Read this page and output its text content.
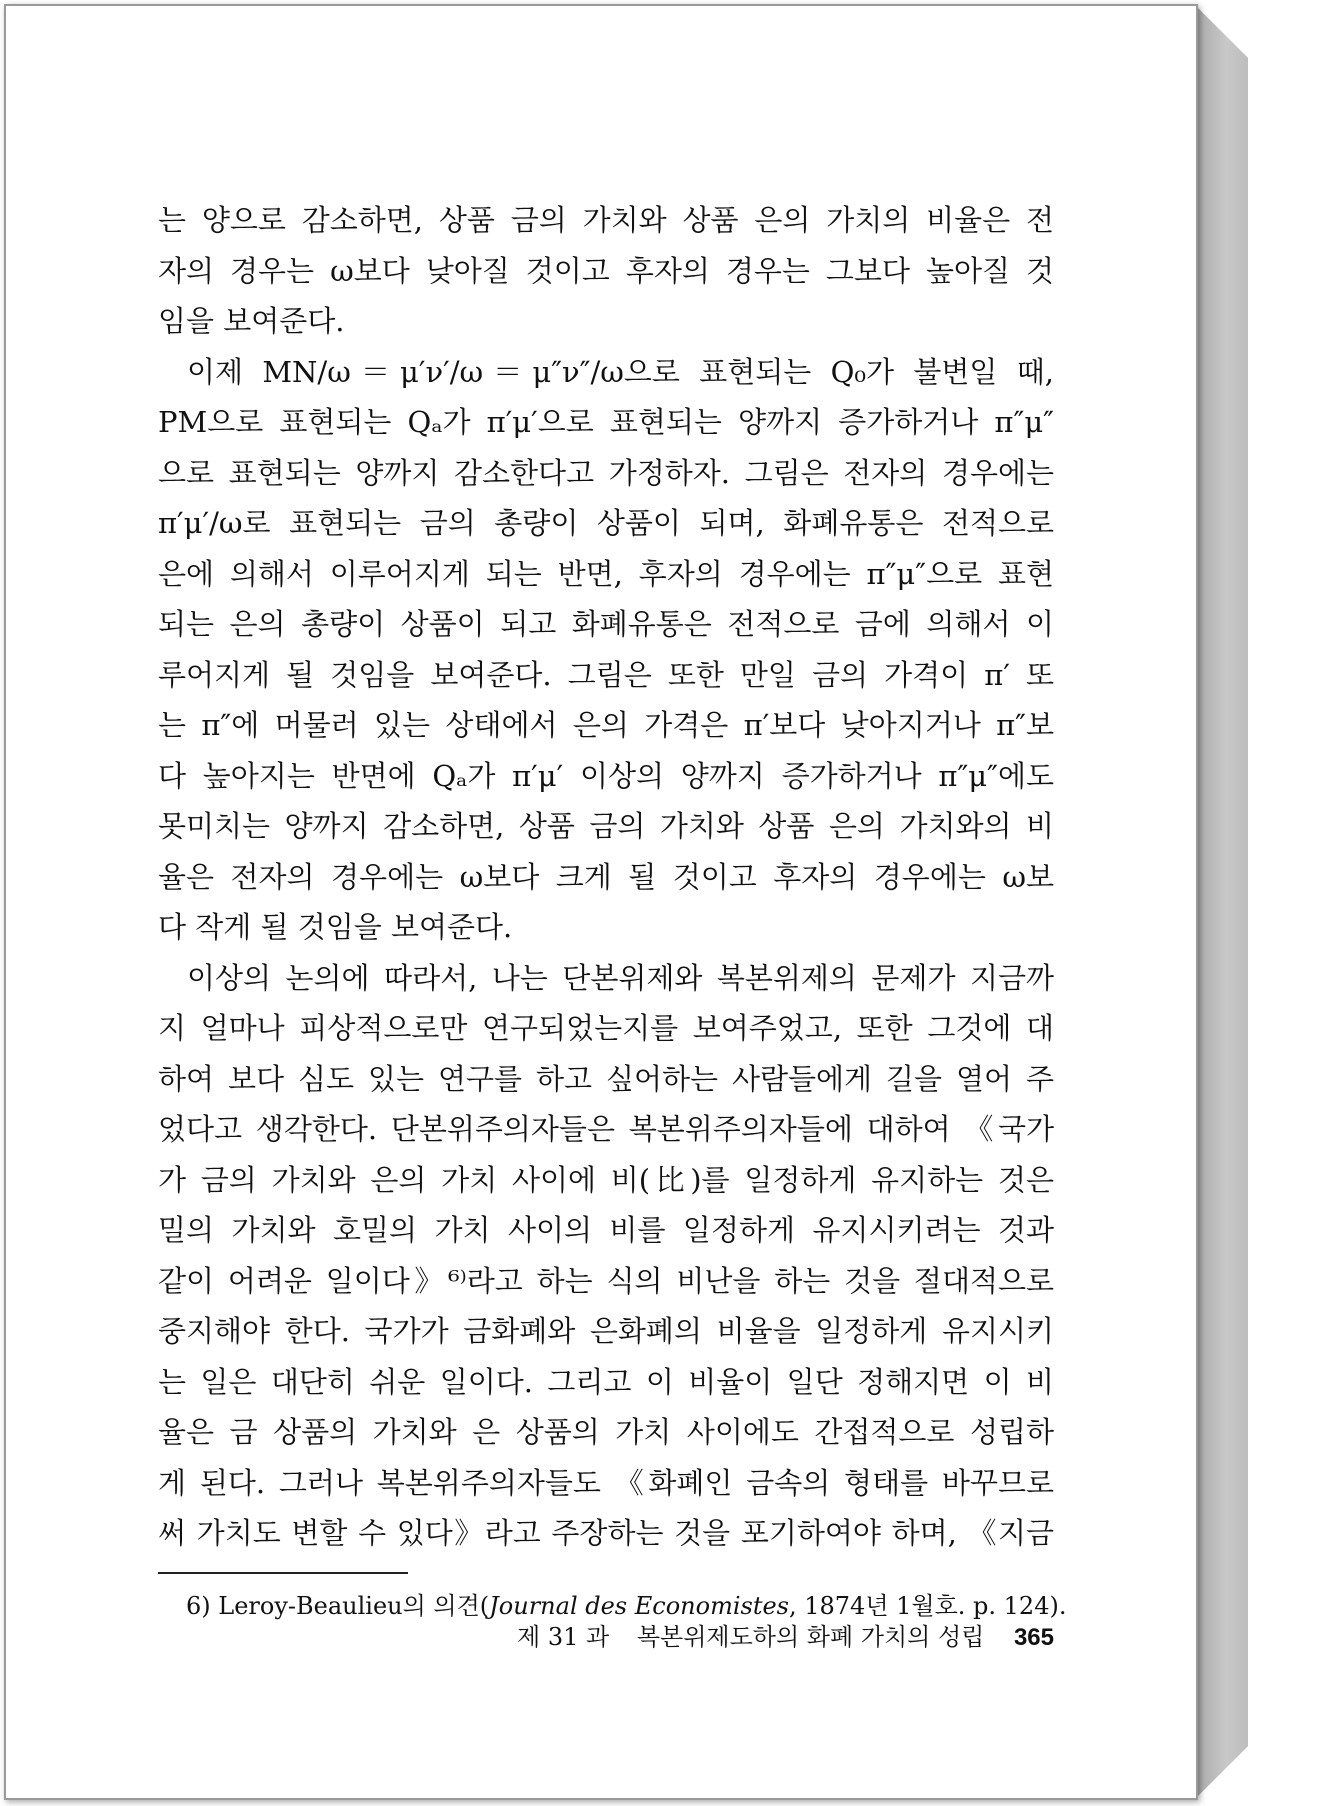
는 양으로 감소하면, 상품 금의 가치와 상품 은의 가치의 비율은 전
자의 경우는 ω보다 낮아질 것이고 후자의 경우는 그보다 높아질 것
임을 보여준다.
이제 MN/ω＝μ′ν′/ω＝μ″ν″/ω으로 표현되는 Q₀가 불변일 때,
PM으로 표현되는 Qₐ가 π′μ′으로 표현되는 양까지 증가하거나 π″μ″
으로 표현되는 양까지 감소한다고 가정하자. 그림은 전자의 경우에는
π′μ′/ω로 표현되는 금의 총량이 상품이 되며, 화폐유통은 전적으로
은에 의해서 이루어지게 되는 반면, 후자의 경우에는 π″μ″으로 표현
되는 은의 총량이 상품이 되고 화폐유통은 전적으로 금에 의해서 이
루어지게 될 것임을 보여준다. 그림은 또한 만일 금의 가격이 π′ 또
는 π″에 머물러 있는 상태에서 은의 가격은 π′보다 낮아지거나 π″보
다 높아지는 반면에 Qₐ가 π′μ′ 이상의 양까지 증가하거나 π″μ″에도
못미치는 양까지 감소하면, 상품 금의 가치와 상품 은의 가치와의 비
율은 전자의 경우에는 ω보다 크게 될 것이고 후자의 경우에는 ω보
다 작게 될 것임을 보여준다.
이상의 논의에 따라서, 나는 단본위제와 복본위제의 문제가 지금까
지 얼마나 피상적으로만 연구되었는지를 보여주었고, 또한 그것에 대
하여 보다 심도 있는 연구를 하고 싶어하는 사람들에게 길을 열어 주
었다고 생각한다. 단본위주의자들은 복본위주의자들에 대하여 《국가
가 금의 가치와 은의 가치 사이에 비(比)를 일정하게 유지하는 것은
밀의 가치와 호밀의 가치 사이의 비를 일정하게 유지시키려는 것과
같이 어려운 일이다》⁶⁾라고 하는 식의 비난을 하는 것을 절대적으로
중지해야 한다. 국가가 금화폐와 은화폐의 비율을 일정하게 유지시키
는 일은 대단히 쉬운 일이다. 그리고 이 비율이 일단 정해지면 이 비
율은 금 상품의 가치와 은 상품의 가치 사이에도 간접적으로 성립하
게 된다. 그러나 복본위주의자들도 《화폐인 금속의 형태를 바꾸므로
써 가치도 변할 수 있다》라고 주장하는 것을 포기하여야 하며, 《지금
6) Leroy-Beaulieu의 의견(Journal des Economistes, 1874년 1월호. p. 124).
제 31 과 복본위제도하의 화폐 가치의 성립 365
